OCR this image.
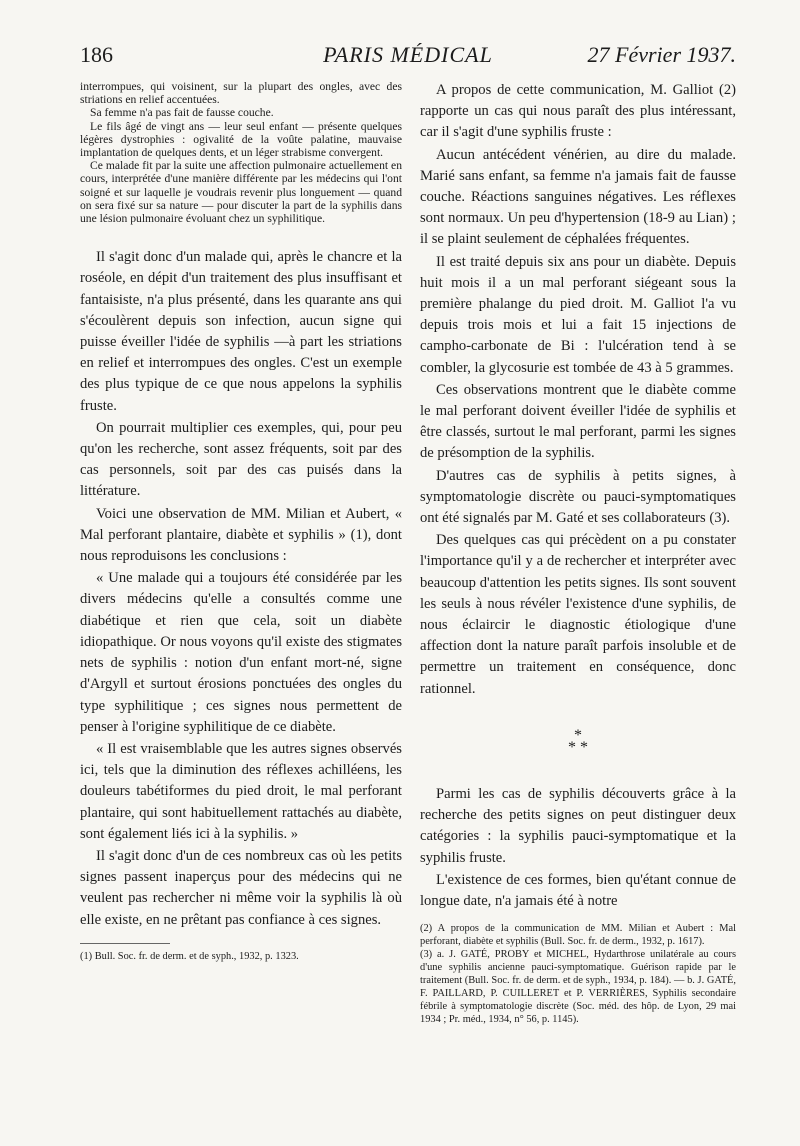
186	PARIS MÉDICAL	27 Février 1937.

interrompues, qui voisinent, sur la plupart des ongles, avec des striations en relief accentuées.

Sa femme n'a pas fait de fausse couche.

Le fils âgé de vingt ans — leur seul enfant — présente quelques légères dystrophies : ogivalité de la voûte palatine, mauvaise implantation de quelques dents, et un léger strabisme convergent.

Ce malade fit par la suite une affection pulmonaire actuellement en cours, interprétée d'une manière différente par les médecins qui l'ont soigné et sur laquelle je voudrais revenir plus longuement — quand on sera fixé sur sa nature — pour discuter la part de la syphilis dans une lésion pulmonaire évoluant chez un syphilitique.

Il s'agit donc d'un malade qui, après le chancre et la roséole, en dépit d'un traitement des plus insuffisant et fantaisiste, n'a plus présenté, dans les quarante ans qui s'écoulèrent depuis son infection, aucun signe qui puisse éveiller l'idée de syphilis —à part les striations en relief et interrompues des ongles. C'est un exemple des plus typique de ce que nous appelons la syphilis fruste.

On pourrait multiplier ces exemples, qui, pour peu qu'on les recherche, sont assez fréquents, soit par des cas personnels, soit par des cas puisés dans la littérature.

Voici une observation de MM. Milian et Aubert, « Mal perforant plantaire, diabète et syphilis » (1), dont nous reproduisons les conclusions :

« Une malade qui a toujours été considérée par les divers médecins qu'elle a consultés comme une diabétique et rien que cela, soit un diabète idiopathique. Or nous voyons qu'il existe des stigmates nets de syphilis : notion d'un enfant mort-né, signe d'Argyll et surtout érosions ponctuées des ongles du type syphilitique ; ces signes nous permettent de penser à l'origine syphilitique de ce diabète.

« Il est vraisemblable que les autres signes observés ici, tels que la diminution des réflexes achilléens, les douleurs tabétiformes du pied droit, le mal perforant plantaire, qui sont habituellement rattachés au diabète, sont également liés ici à la syphilis. »

Il s'agit donc d'un de ces nombreux cas où les petits signes passent inaperçus pour des médecins qui ne veulent pas rechercher ni même voir la syphilis là où elle existe, en ne prêtant pas confiance à ces signes.

(1) Bull. Soc. fr. de derm. et de syph., 1932, p. 1323.

A propos de cette communication, M. Galliot (2) rapporte un cas qui nous paraît des plus intéressant, car il s'agit d'une syphilis fruste :

Aucun antécédent vénérien, au dire du malade. Marié sans enfant, sa femme n'a jamais fait de fausse couche. Réactions sanguines négatives. Les réflexes sont normaux. Un peu d'hypertension (18-9 au Lian) ; il se plaint seulement de céphalées fréquentes.

Il est traité depuis six ans pour un diabète. Depuis huit mois il a un mal perforant siégeant sous la première phalange du pied droit. M. Galliot l'a vu depuis trois mois et lui a fait 15 injections de campho-carbonate de Bi : l'ulcération tend à se combler, la glycosurie est tombée de 43 à 5 grammes.

Ces observations montrent que le diabète comme le mal perforant doivent éveiller l'idée de syphilis et être classés, surtout le mal perforant, parmi les signes de présomption de la syphilis.

D'autres cas de syphilis à petits signes, à symptomatologie discrète ou pauci-symptomatiques ont été signalés par M. Gaté et ses collaborateurs (3).

Des quelques cas qui précèdent on a pu constater l'importance qu'il y a de rechercher et interpréter avec beaucoup d'attention les petits signes. Ils sont souvent les seuls à nous révéler l'existence d'une syphilis, de nous éclaircir le diagnostic étiologique d'une affection dont la nature paraît parfois insoluble et de permettre un traitement en conséquence, donc rationnel.

*
* *

Parmi les cas de syphilis découverts grâce à la recherche des petits signes on peut distinguer deux catégories : la syphilis pauci-symptomatique et la syphilis fruste.

L'existence de ces formes, bien qu'étant connue de longue date, n'a jamais été à notre

(2) A propos de la communication de MM. Milian et Aubert : Mal perforant, diabète et syphilis (Bull. Soc. fr. de derm., 1932, p. 1617).

(3) a. J. GATÉ, PROBY et MICHEL, Hydarthrose unilatérale au cours d'une syphilis ancienne pauci-symptomatique. Guérison rapide par le traitement (Bull. Soc. fr. de derm. et de syph., 1934, p. 184). — b. J. GATÉ, F. PAILLARD, P. CUILLERET et P. VERRIÈRES, Syphilis secondaire fébrile à symptomatologie discrète (Soc. méd. des hôp. de Lyon, 29 mai 1934 ; Pr. méd., 1934, n° 56, p. 1145).
